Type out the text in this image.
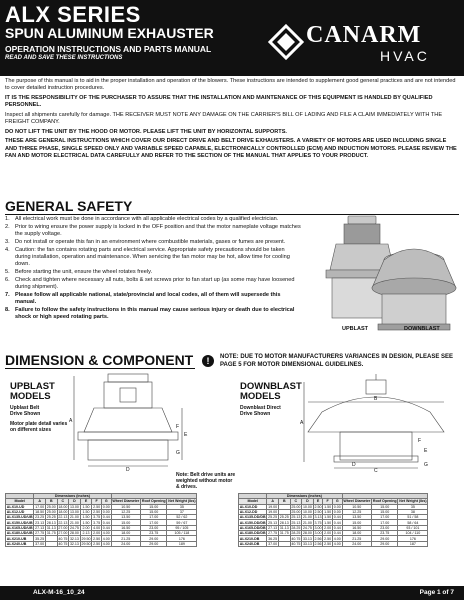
ALX SERIES
SPUN ALUMINUM EXHAUSTER
OPERATION INSTRUCTIONS AND PARTS MANUAL
READ AND SAVE THESE INSTRUCTIONS
CANARM
HVAC

The purpose of this manual is to aid in the proper installation and operation of the blowers. These instructions are intended to supplement good general practices and are not intended to cover detailed instruction procedures.

IT IS THE RESPONSIBILITY OF THE PURCHASER TO ASSURE THAT THE INSTALLATION AND MAINTENANCE OF THIS EQUIPMENT IS HANDLED BY QUALIFIED PERSONNEL.

Inspect all shipments carefully for damage. THE RECEIVER MUST NOTE ANY DAMAGE ON THE CARRIER'S BILL OF LADING AND FILE A CLAIM IMMEDIATELY WITH THE FREIGHT COMPANY.

DO NOT LIFT THE UNIT BY THE HOOD OR MOTOR. PLEASE LIFT THE UNIT BY HORIZONTAL SUPPORTS.

THESE ARE GENERAL INSTRUCTIONS WHICH COVER OUR DIRECT DRIVE AND BELT DRIVE EXHAUSTERS. A VARIETY OF MOTORS ARE USED INCLUDING SINGLE AND THREE PHASE, SINGLE SPEED ONLY AND VARIABLE SPEED CAPABLE, ELECTRONICALLY CONTROLLED (ECM) AND INDUCTION MOTORS. PLEASE REVIEW THE FAN AND MOTOR ELECTRICAL DATA CAREFULLY AND REFER TO THE SECTION OF THE MANUAL THAT APPLIES TO YOUR PRODUCT.

GENERAL SAFETY
1. All electrical work must be done in accordance with all applicable electrical codes by a qualified electrician.
2. Prior to wiring ensure the power supply is locked in the OFF position and that the motor nameplate voltage matches the supply voltage.
3. Do not install or operate this fan in an environment where combustible materials, gases or fumes are present.
4. Caution: the fan contains rotating parts and electrical service. Appropriate safety precautions should be taken during installation, operation and maintenance. When servicing the fan motor may be hot, allow time for cooling down.
5. Before starting the unit, ensure the wheel rotates freely.
6. Check and tighten where necessary all nuts, bolts & set screws prior to fan start up (as some may have loosened during shipment).
7. Please follow all applicable national, state/provincial and local codes, all of them will supersede this manual.
8. Failure to follow the safety instructions in this manual may cause serious injury or death due to electrical shock or high speed rotating parts.
UPBLAST	DOWNBLAST
DIMENSION & COMPONENT	!	NOTE: DUE TO MOTOR MANUFACTURERS VARIANCES IN DESIGN, PLEASE SEE PAGE 5 FOR MOTOR DIMENSIONAL GUIDELINES.
UPBLAST
MODELS
Upblast Belt
Drive Shown
Motor plate detail varies
on different sizes
A
E
D
F
G
DOWNBLAST
MODELS
Downblast Direct
Drive Shown
B
A
E
C
F
G
D
Note: Belt drive units are
weighted without motor
& drives.
	Dimensions (inches)									
Model	A	B	C	D	E	F	G	Wheel Diameter	Roof Opening	Net Weight (lbs)
ALX10-UD	17.00	25.00	18.00	13.00	1.50	2.50	0.00	10.50	15.00	35
ALX12-UD	18.50	25.00	18.00	13.00	1.50	2.50	0.00	12.25	15.00	37
ALX135-UD/UB	23.25	25.25	22.13	21.00	1.50	3.75	0.44	13.50	17.00	52 / 62
ALX150-UD/UB	23.13	28.13	22.13	21.00	1.50	3.75	0.44	15.00	17.00	59 / 67
ALX165-UD/UB	27.13	31.13	27.00	24.75	2.00	4.00	0.44	16.50	23.00	95 / 105
ALX180-UD/UB	27.75	31.75	27.00	28.00	2.13	2.00	4.00	18.00	23.75	105 / 118
ALX210-UB	35.25		40.75	32.13	29.50	2.50	4.00	21.25	29.00	176
ALX240-UB	37.00		40.75	32.13	29.50	2.50	4.00	24.00	29.00	189
	Dimensions (inches)									
Model	A	B	C	D	E	F	G	Wheel Diameter	Roof Opening	Net Weight (lbs)
ALX10-DD	19.00		25.00	10.00	2.50	1.50	0.00	10.50	15.00	35
ALX12-DD	19.00		25.00	10.00	2.50	1.50	0.00	12.25	15.00	38
ALX135-DD/DB	25.25	25.25	25.13	21.00	3.13	1.50	0.44	13.50	17.00	51 / 58
ALX150-DD/DB	25.13	28.13	25.13	21.00	3.75	1.50	0.44	15.00	17.00	58 / 64
ALX165-DD/DB	27.13	31.13	28.25	24.75	3.00	2.00	0.44	16.50	23.00	93 / 101
ALX180-DD/DB	27.75	31.75	28.25	28.00	3.00	2.00	0.44	18.00	23.75	104 / 110
ALX210-DB	36.25		40.75	33.13	2.56	2.50	4.00	21.25	29.00	176
ALX240-DB	37.00		40.75	33.13	2.56	2.50	4.00	24.00	29.00	187
ALX-M-16_10_24	Page 1 of 7
